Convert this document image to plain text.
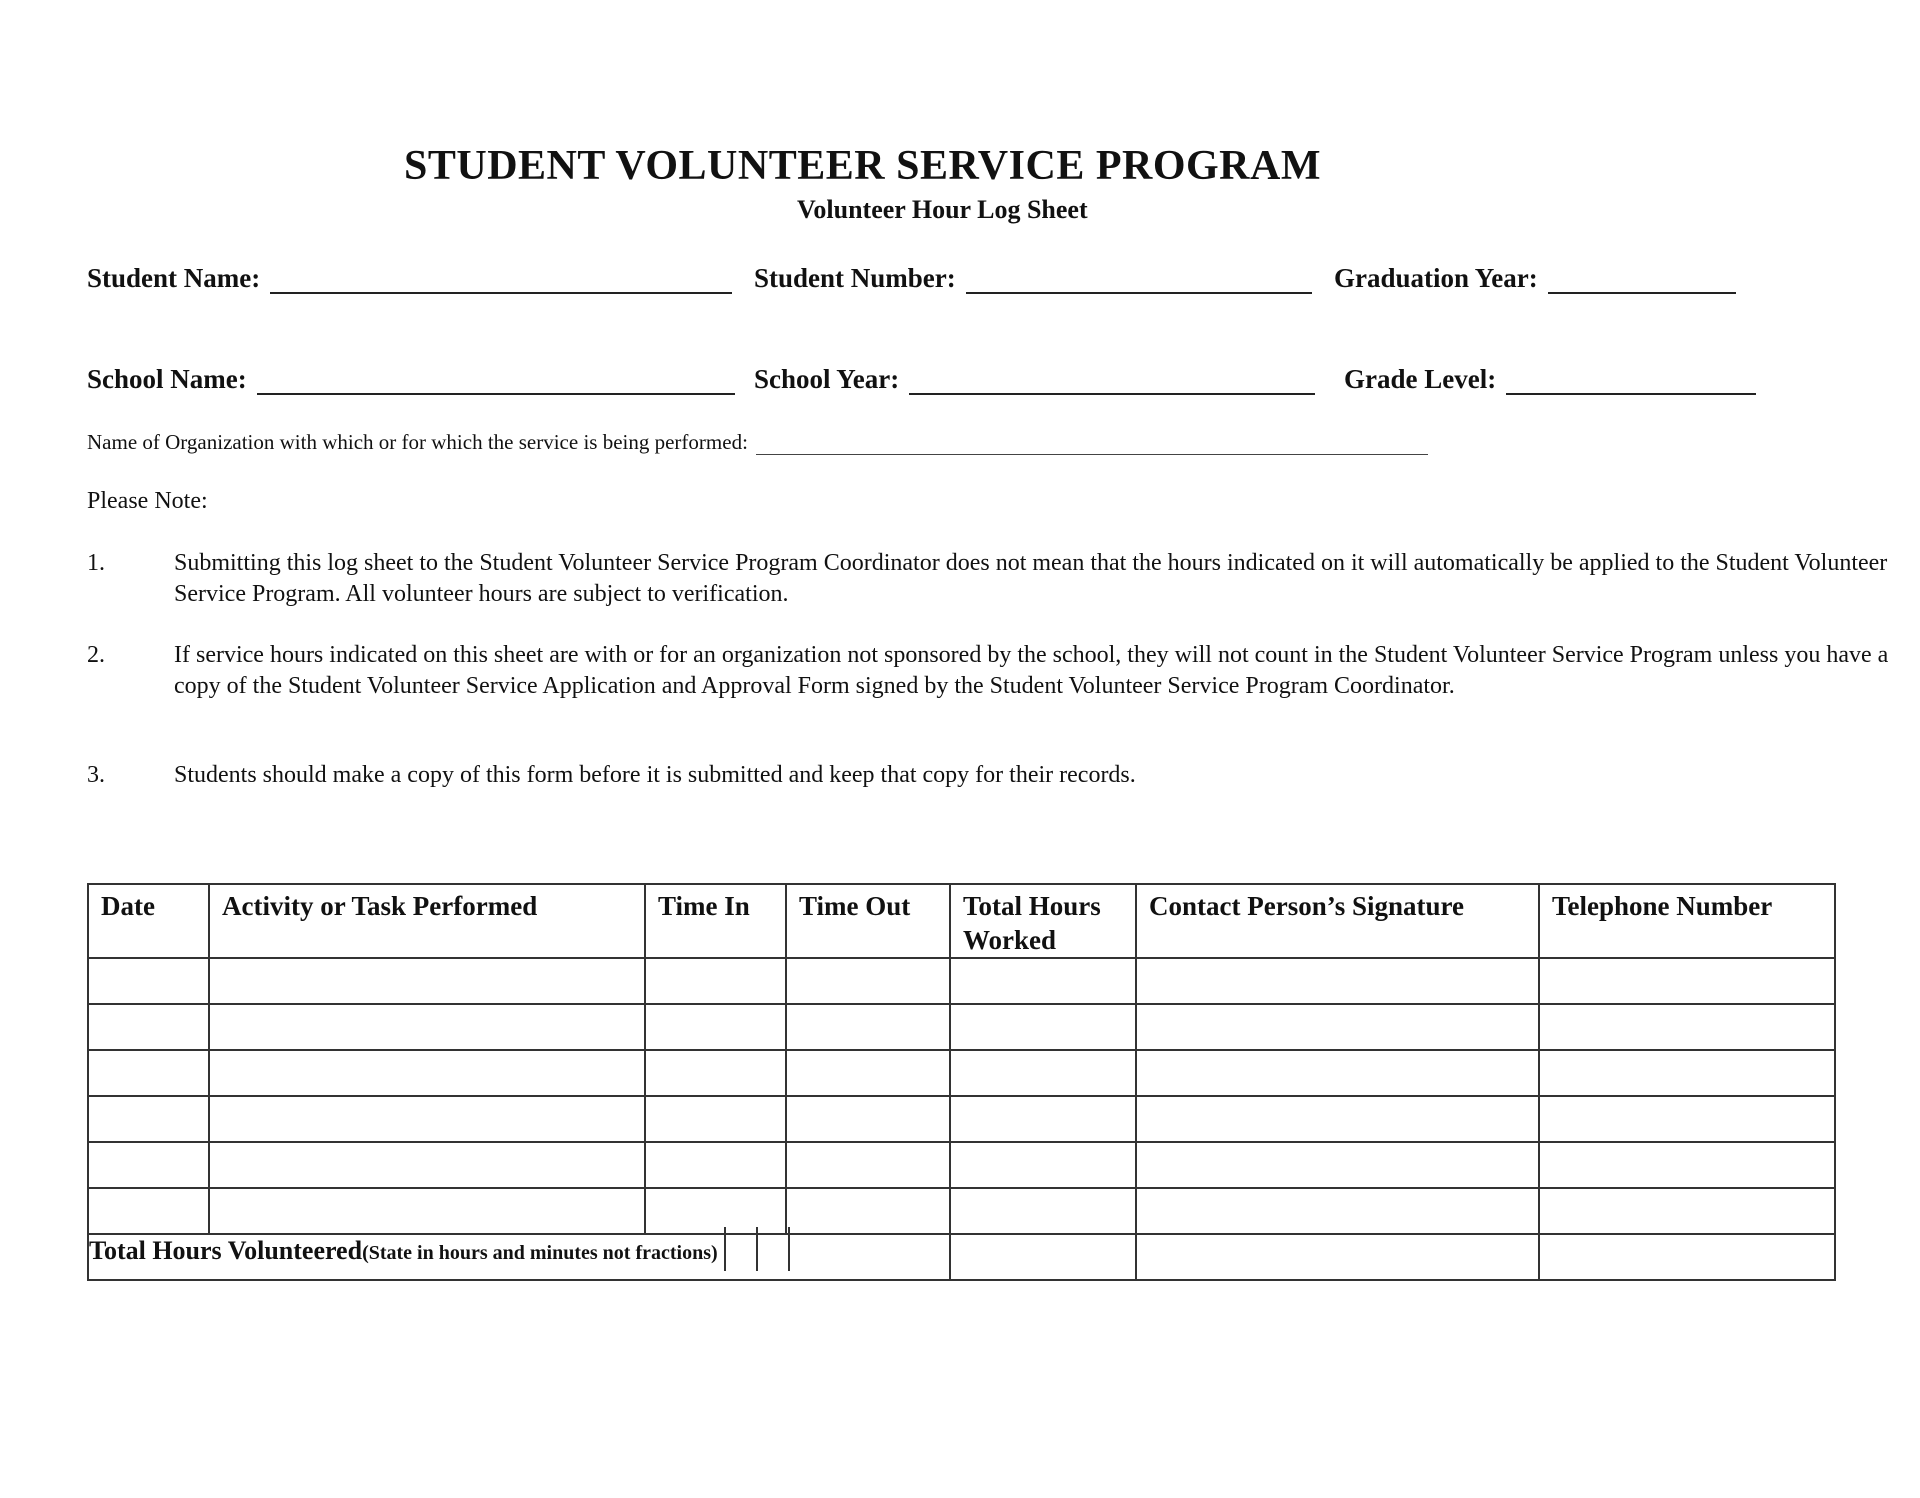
STUDENT VOLUNTEER SERVICE PROGRAM
Volunteer Hour Log Sheet
Student Name:	Student Number:	Graduation Year:
School Name:	School Year:	Grade Level:
Name of Organization with which or for which the service is being performed:
Please Note:
1.	Submitting this log sheet to the Student Volunteer Service Program Coordinator does not mean that the hours indicated on it will automatically be applied to the Student Volunteer Service Program. All volunteer hours are subject to verification.
2.	If service hours indicated on this sheet are with or for an organization not sponsored by the school, they will not count in the Student Volunteer Service Program unless you have a copy of the Student Volunteer Service Application and Approval Form signed by the Student Volunteer Service Program Coordinator.
3.	Students should make a copy of this form before it is submitted and keep that copy for their records.
Date	Activity or Task Performed	Time In	Time Out	Total Hours Worked	Contact Person’s Signature	Telephone Number

Total Hours Volunteered(State in hours and minutes not fractions)			
